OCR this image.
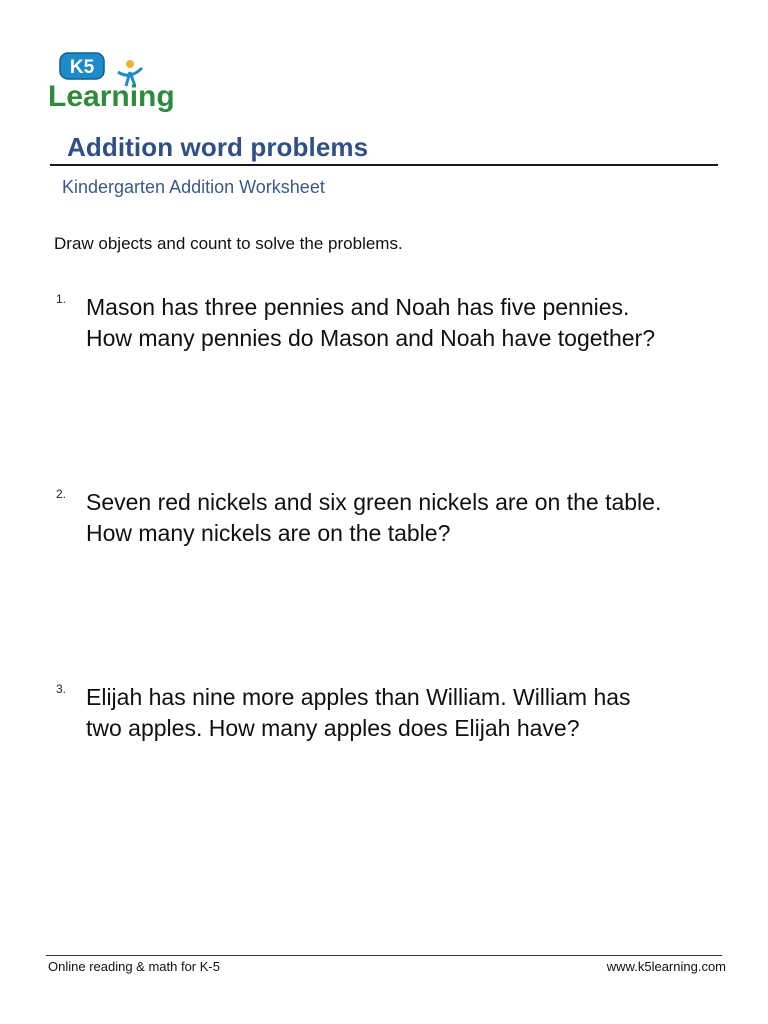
K5
Learning
Addition word problems
Kindergarten Addition Worksheet
Draw objects and count to solve the problems.
1. Mason has three pennies and Noah has five pennies.
How many pennies do Mason and Noah have together?
2. Seven red nickels and six green nickels are on the table.
How many nickels are on the table?
3. Elijah has nine more apples than William. William has
two apples. How many apples does Elijah have?
Online reading & math for K-5	www.k5learning.com
